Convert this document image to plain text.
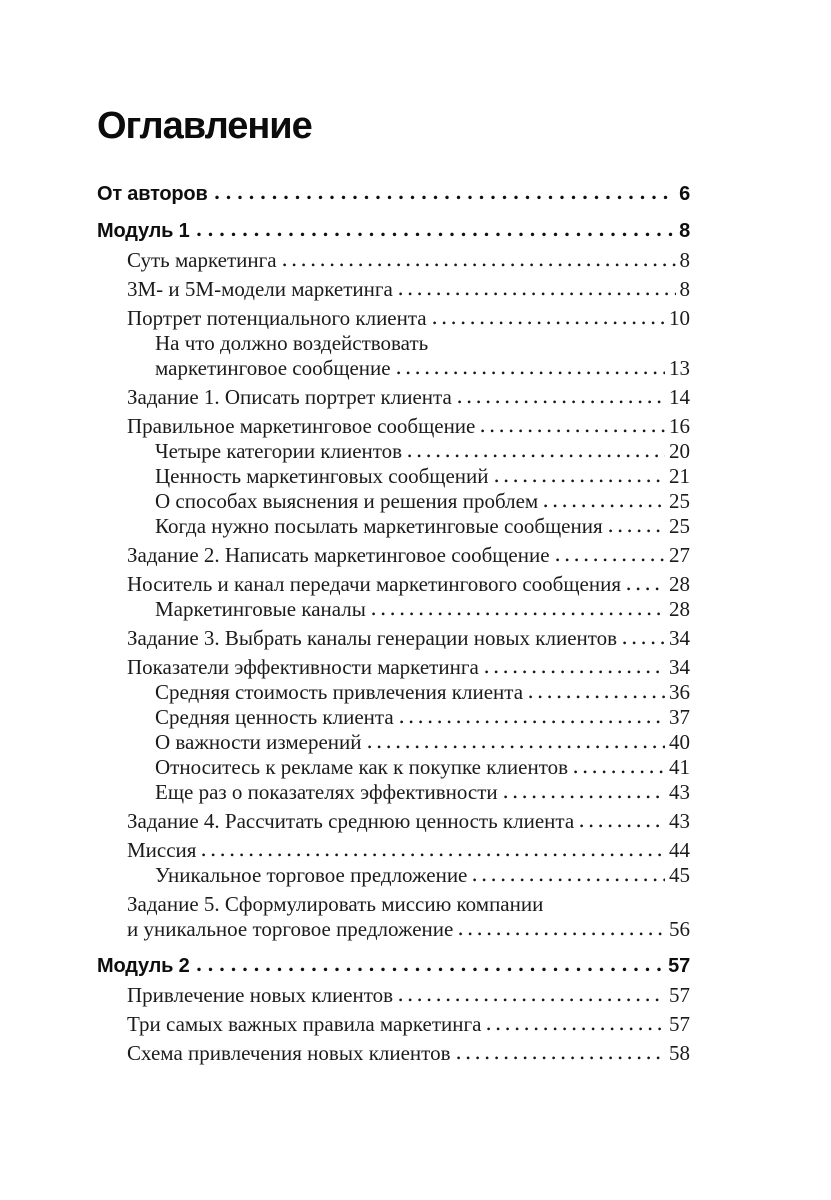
Оглавление
От авторов	6
Модуль 1	8
Суть маркетинга	8
3М- и 5М-модели маркетинга	8
Портрет потенциального клиента	10
На что должно воздействовать
маркетинговое сообщение	13
Задание 1. Описать портрет клиента	14
Правильное маркетинговое сообщение	16
Четыре категории клиентов	20
Ценность маркетинговых сообщений	21
О способах выяснения и решения проблем	25
Когда нужно посылать маркетинговые сообщения	25
Задание 2. Написать маркетинговое сообщение	27
Носитель и канал передачи маркетингового сообщения 28
Маркетинговые каналы	28
Задание 3. Выбрать каналы генерации новых клиентов 34
Показатели эффективности маркетинга	34
Средняя стоимость привлечения клиента	36
Средняя ценность клиента	37
О важности измерений	40
Относитесь к рекламе как к покупке клиентов	41
Еще раз о показателях эффективности	43
Задание 4. Рассчитать среднюю ценность клиента	43
Миссия	44
Уникальное торговое предложение	45
Задание 5. Сформулировать миссию компании
и уникальное торговое предложение	56
Модуль 2	57
Привлечение новых клиентов	57
Три самых важных правила маркетинга	57
Схема привлечения новых клиентов	58
